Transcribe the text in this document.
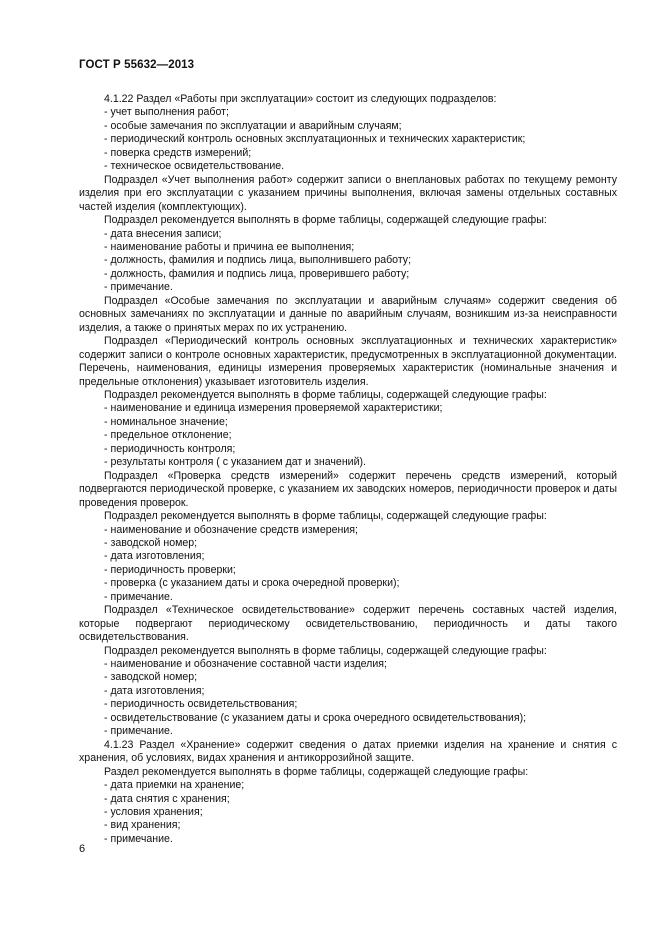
ГОСТ Р 55632—2013

4.1.22 Раздел «Работы при эксплуатации» состоит из следующих подразделов:

- учет выполнения работ;

- особые замечания по эксплуатации и аварийным случаям;

- периодический контроль основных эксплуатационных и технических характеристик;

- поверка средств измерений;

- техническое освидетельствование.

Подраздел «Учет выполнения работ» содержит записи о внеплановых работах по текущему ремонту изделия при его эксплуатации с указанием причины выполнения, включая замены отдельных составных частей изделия (комплектующих).

Подраздел рекомендуется выполнять в форме таблицы, содержащей следующие графы:

- дата внесения записи;

- наименование работы и причина ее выполнения;

- должность, фамилия и подпись лица, выполнившего работу;

- должность, фамилия и подпись лица, проверившего работу;

- примечание.

Подраздел «Особые замечания по эксплуатации и аварийным случаям» содержит сведения об основных замечаниях по эксплуатации и данные по аварийным случаям, возникшим из-за неисправности изделия, а также о принятых мерах по их устранению.

Подраздел «Периодический контроль основных эксплуатационных и технических характеристик» содержит записи о контроле основных характеристик, предусмотренных в эксплуатационной документации. Перечень, наименования, единицы измерения проверяемых характеристик (номинальные значения и предельные отклонения) указывает изготовитель изделия.

Подраздел рекомендуется выполнять в форме таблицы, содержащей следующие графы:

- наименование и единица измерения проверяемой характеристики;

- номинальное значение;

- предельное отклонение;

- периодичность контроля;

- результаты контроля ( с указанием дат и значений).

Подраздел «Проверка средств измерений» содержит перечень средств измерений, который подвергаются периодической проверке, с указанием их заводских номеров, периодичности проверок и даты проведения проверок.

Подраздел рекомендуется выполнять в форме таблицы, содержащей следующие графы:

- наименование и обозначение средств измерения;

- заводской номер;

- дата изготовления;

- периодичность проверки;

- проверка (с указанием даты и срока очередной проверки);

- примечание.

Подраздел «Техническое освидетельствование» содержит перечень составных частей изделия, которые подвергают периодическому освидетельствованию, периодичность и даты такого освидетельствования.

Подраздел рекомендуется выполнять в форме таблицы, содержащей следующие графы:

- наименование и обозначение составной части изделия;

- заводской номер;

- дата изготовления;

- периодичность освидетельствования;

- освидетельствование (с указанием даты и срока очередного освидетельствования);

- примечание.

4.1.23 Раздел «Хранение» содержит сведения о датах приемки изделия на хранение и снятия с хранения, об условиях, видах хранения и антикоррозийной защите.

Раздел рекомендуется выполнять в форме таблицы, содержащей следующие графы:

- дата приемки на хранение;

- дата снятия с хранения;

- условия хранения;

- вид хранения;

- примечание.

6
